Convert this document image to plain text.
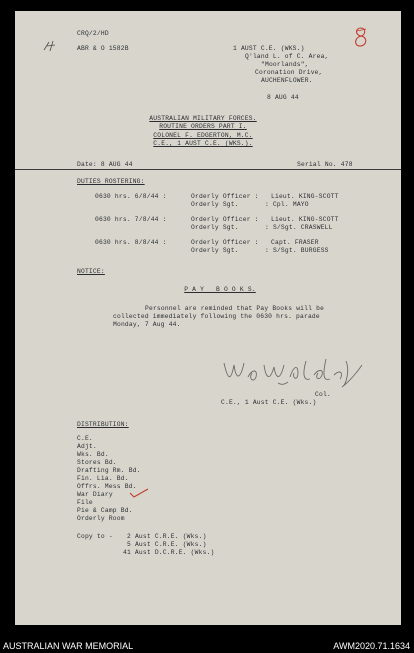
CRQ/2/HD
ABR & O 1582B	1 AUST C.E. (WKS.)
Q'land L. of C. Area,
"Moorlands",
Coronation Drive,
AUCHENFLOWER.
8 AUG 44
AUSTRALIAN MILITARY FORCES.
ROUTINE ORDERS PART I.
COLONEL F. EDGERTON, M.C.
C.E., 1 AUST C.E. (WKS.).
Date: 8 AUG 44	Serial No. 478
DUTIES ROSTERING:
0630 hrs. 6/8/44 :	Orderly Officer : Lieut. KING-SCOTT
Orderly Sgt.	: Cpl. MAYO
0630 hrs. 7/8/44 :	Orderly Officer : Lieut. KING-SCOTT
Orderly Sgt.	: S/Sgt. CRASWELL
0630 hrs. 8/8/44 :	Orderly Officer : Capt. FRASER
Orderly Sgt.	: S/Sgt. BURGESS
NOTICE:
P A Y   B O O K S.
Personnel are reminded that Pay Books will be
collected immediately following the 0630 hrs. parade
Monday, 7 Aug 44.
Col.
C.E., 1 Aust C.E. (Wks.)
DISTRIBUTION:
C.E.
Adjt.
Wks. Bd.
Stores Bd.
Drafting Rm. Bd.
Fin. Lia. Bd.
Offrs. Mess Bd.
War Diary
File
Pie & Camp Bd.
Orderly Room
Copy to - 2 Aust C.R.E. (Wks.)
5 Aust C.R.E. (Wks.)
41 Aust D.C.R.E. (Wks.)
AUSTRALIAN WAR MEMORIAL	AWM2020.71.1634
